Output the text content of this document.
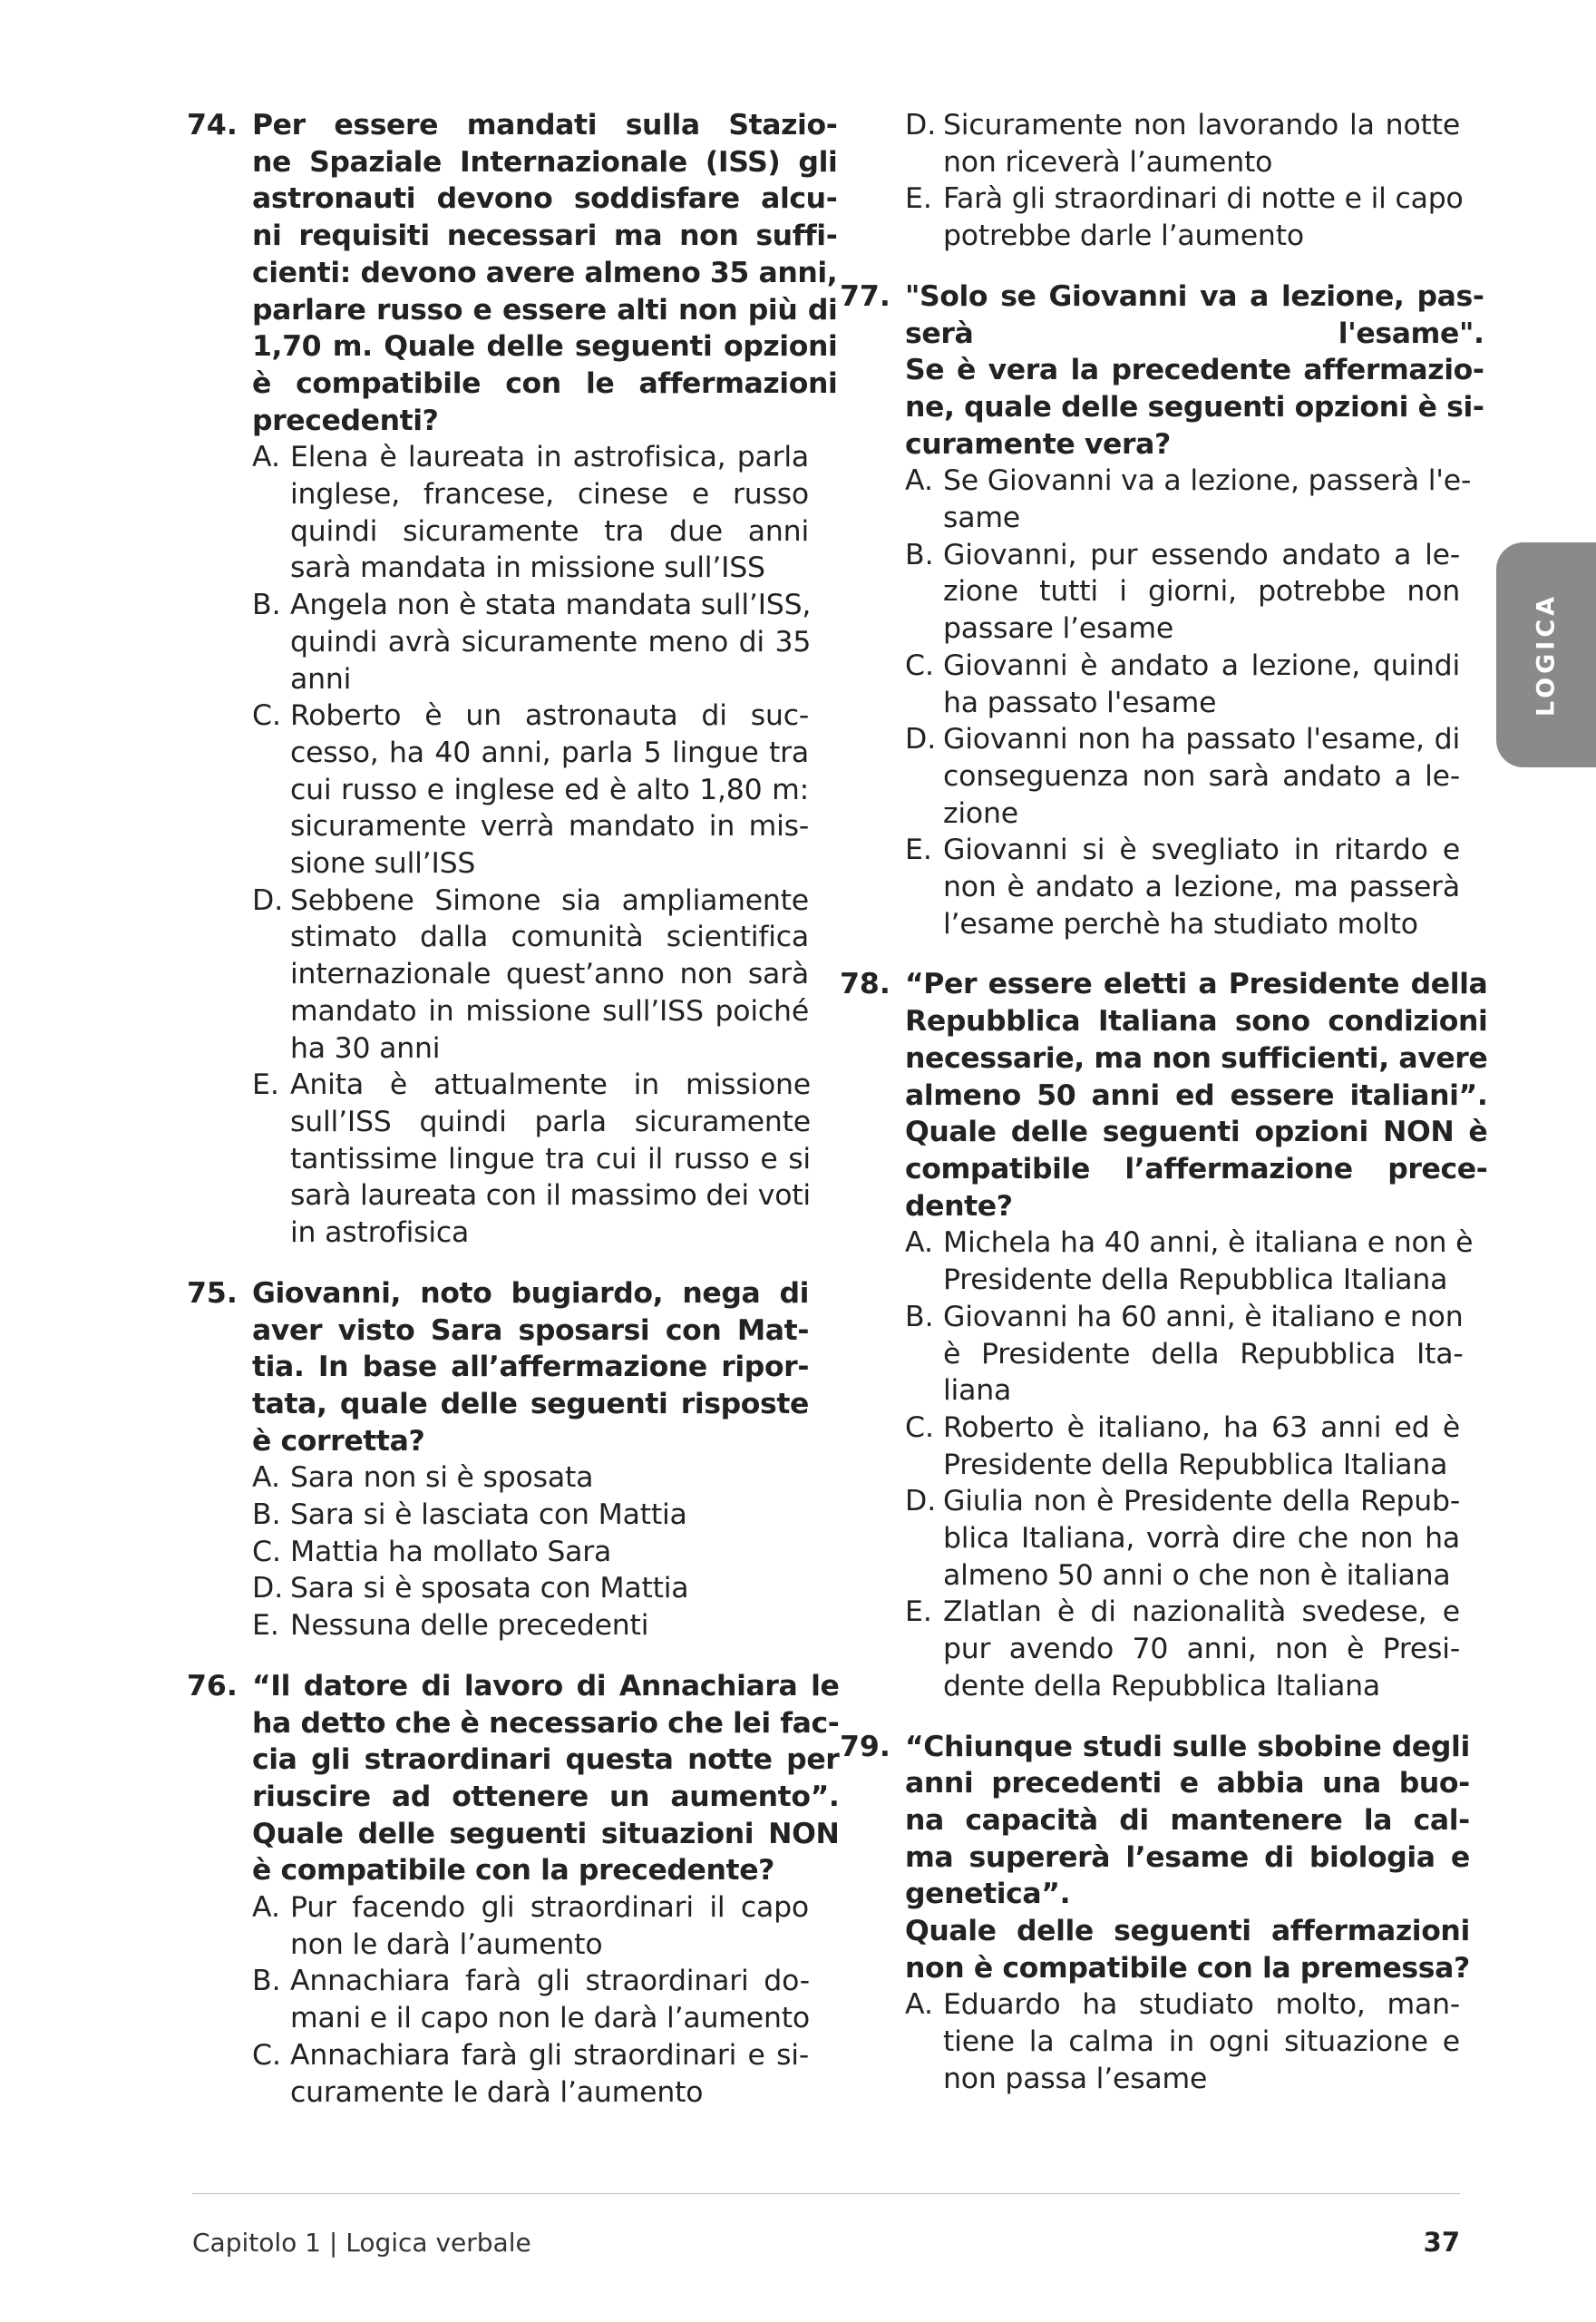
74. Per essere mandati sulla Stazio-
ne Spaziale Internazionale (ISS) gli
astronauti devono soddisfare alcu-
ni requisiti necessari ma non suffi-
cienti: devono avere almeno 35 anni,
parlare russo e essere alti non più di
1,70 m. Quale delle seguenti opzioni
è compatibile con le affermazioni
precedenti?
A. Elena è laureata in astrofisica, parla
inglese, francese, cinese e russo
quindi sicuramente tra due anni
sarà mandata in missione sull’ISS
B. Angela non è stata mandata sull’ISS,
quindi avrà sicuramente meno di 35
anni
C. Roberto è un astronauta di suc-
cesso, ha 40 anni, parla 5 lingue tra
cui russo e inglese ed è alto 1,80 m:
sicuramente verrà mandato in mis-
sione sull’ISS
D. Sebbene Simone sia ampliamente
stimato dalla comunità scientifica
internazionale quest’anno non sarà
mandato in missione sull’ISS poiché
ha 30 anni
E. Anita è attualmente in missione
sull’ISS quindi parla sicuramente
tantissime lingue tra cui il russo e si
sarà laureata con il massimo dei voti
in astrofisica
75. Giovanni, noto bugiardo, nega di
aver visto Sara sposarsi con Mat-
tia. In base all’affermazione ripor-
tata, quale delle seguenti risposte
è corretta?
A. Sara non si è sposata
B. Sara si è lasciata con Mattia
C. Mattia ha mollato Sara
D. Sara si è sposata con Mattia
E. Nessuna delle precedenti
76. “Il datore di lavoro di Annachiara le
ha detto che è necessario che lei fac-
cia gli straordinari questa notte per
riuscire ad ottenere un aumento”.
Quale delle seguenti situazioni NON
è compatibile con la precedente?
A. Pur facendo gli straordinari il capo
non le darà l’aumento
B. Annachiara farà gli straordinari do-
mani e il capo non le darà l’aumento
C. Annachiara farà gli straordinari e si-
curamente le darà l’aumento
D. Sicuramente non lavorando la notte
non riceverà l’aumento
E. Farà gli straordinari di notte e il capo
potrebbe darle l’aumento
77. "Solo se Giovanni va a lezione, pas-
serà l'esame".
Se è vera la precedente affermazio-
ne, quale delle seguenti opzioni è si-
curamente vera?
A. Se Giovanni va a lezione, passerà l'e-
same
B. Giovanni, pur essendo andato a le-
zione tutti i giorni, potrebbe non
passare l’esame
C. Giovanni è andato a lezione, quindi
ha passato l'esame
D. Giovanni non ha passato l'esame, di
conseguenza non sarà andato a le-
zione
E. Giovanni si è svegliato in ritardo e
non è andato a lezione, ma passerà
l’esame perchè ha studiato molto
78. “Per essere eletti a Presidente della
Repubblica Italiana sono condizioni
necessarie, ma non sufficienti, avere
almeno 50 anni ed essere italiani”.
Quale delle seguenti opzioni NON è
compatibile l’affermazione prece-
dente?
A. Michela ha 40 anni, è italiana e non è
Presidente della Repubblica Italiana
B. Giovanni ha 60 anni, è italiano e non
è Presidente della Repubblica Ita-
liana
C. Roberto è italiano, ha 63 anni ed è
Presidente della Repubblica Italiana
D. Giulia non è Presidente della Repub-
blica Italiana, vorrà dire che non ha
almeno 50 anni o che non è italiana
E. Zlatlan è di nazionalità svedese, e
pur avendo 70 anni, non è Presi-
dente della Repubblica Italiana
79. “Chiunque studi sulle sbobine degli
anni precedenti e abbia una buo-
na capacità di mantenere la cal-
ma supererà l’esame di biologia e
genetica”.
Quale delle seguenti affermazioni
non è compatibile con la premessa?
A. Eduardo ha studiato molto, man-
tiene la calma in ogni situazione e
non passa l’esame
LOGICA
Capitolo 1 | Logica verbale	37
